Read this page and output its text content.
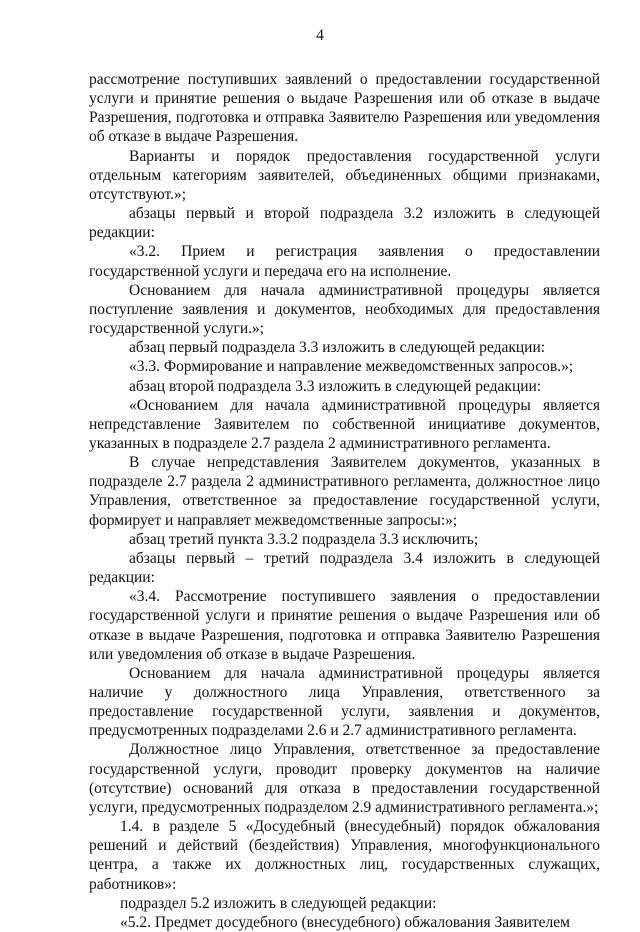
4

рассмотрение поступивших заявлений о предоставлении государственной услуги и принятие решения о выдаче Разрешения или об отказе в выдаче Разрешения, подготовка и отправка Заявителю Разрешения или уведомления об отказе в выдаче Разрешения.

Варианты и порядок предоставления государственной услуги отдельным категориям заявителей, объединенных общими признаками, отсутствуют.»;

абзацы первый и второй подраздела 3.2 изложить в следующей редакции:

«3.2. Прием и регистрация заявления о предоставлении государственной услуги и передача его на исполнение.

Основанием для начала административной процедуры является поступление заявления и документов, необходимых для предоставления государственной услуги.»;

абзац первый подраздела 3.3 изложить в следующей редакции:

«3.3. Формирование и направление межведомственных запросов.»;

абзац второй подраздела 3.3 изложить в следующей редакции:

«Основанием для начала административной процедуры является непредставление Заявителем по собственной инициативе документов, указанных в подразделе 2.7 раздела 2 административного регламента.

В случае непредставления Заявителем документов, указанных в подразделе 2.7 раздела 2 административного регламента, должностное лицо Управления, ответственное за предоставление государственной услуги, формирует и направляет межведомственные запросы:»;

абзац третий пункта 3.3.2 подраздела 3.3 исключить;

абзацы первый – третий подраздела 3.4 изложить в следующей редакции:

«3.4. Рассмотрение поступившего заявления о предоставлении государственной услуги и принятие решения о выдаче Разрешения или об отказе в выдаче Разрешения, подготовка и отправка Заявителю Разрешения или уведомления об отказе в выдаче Разрешения.

Основанием для начала административной процедуры является наличие у должностного лица Управления, ответственного за предоставление государственной услуги, заявления и документов, предусмотренных подразделами 2.6 и 2.7 административного регламента.

Должностное лицо Управления, ответственное за предоставление государственной услуги, проводит проверку документов на наличие (отсутствие) оснований для отказа в предоставлении государственной услуги, предусмотренных подразделом 2.9 административного регламента.»;

1.4. в разделе 5 «Досудебный (внесудебный) порядок обжалования решений и действий (бездействия) Управления, многофункционального центра, а также их должностных лиц, государственных служащих, работников»:

подраздел 5.2 изложить в следующей редакции:

«5.2. Предмет досудебного (внесудебного) обжалования Заявителем
